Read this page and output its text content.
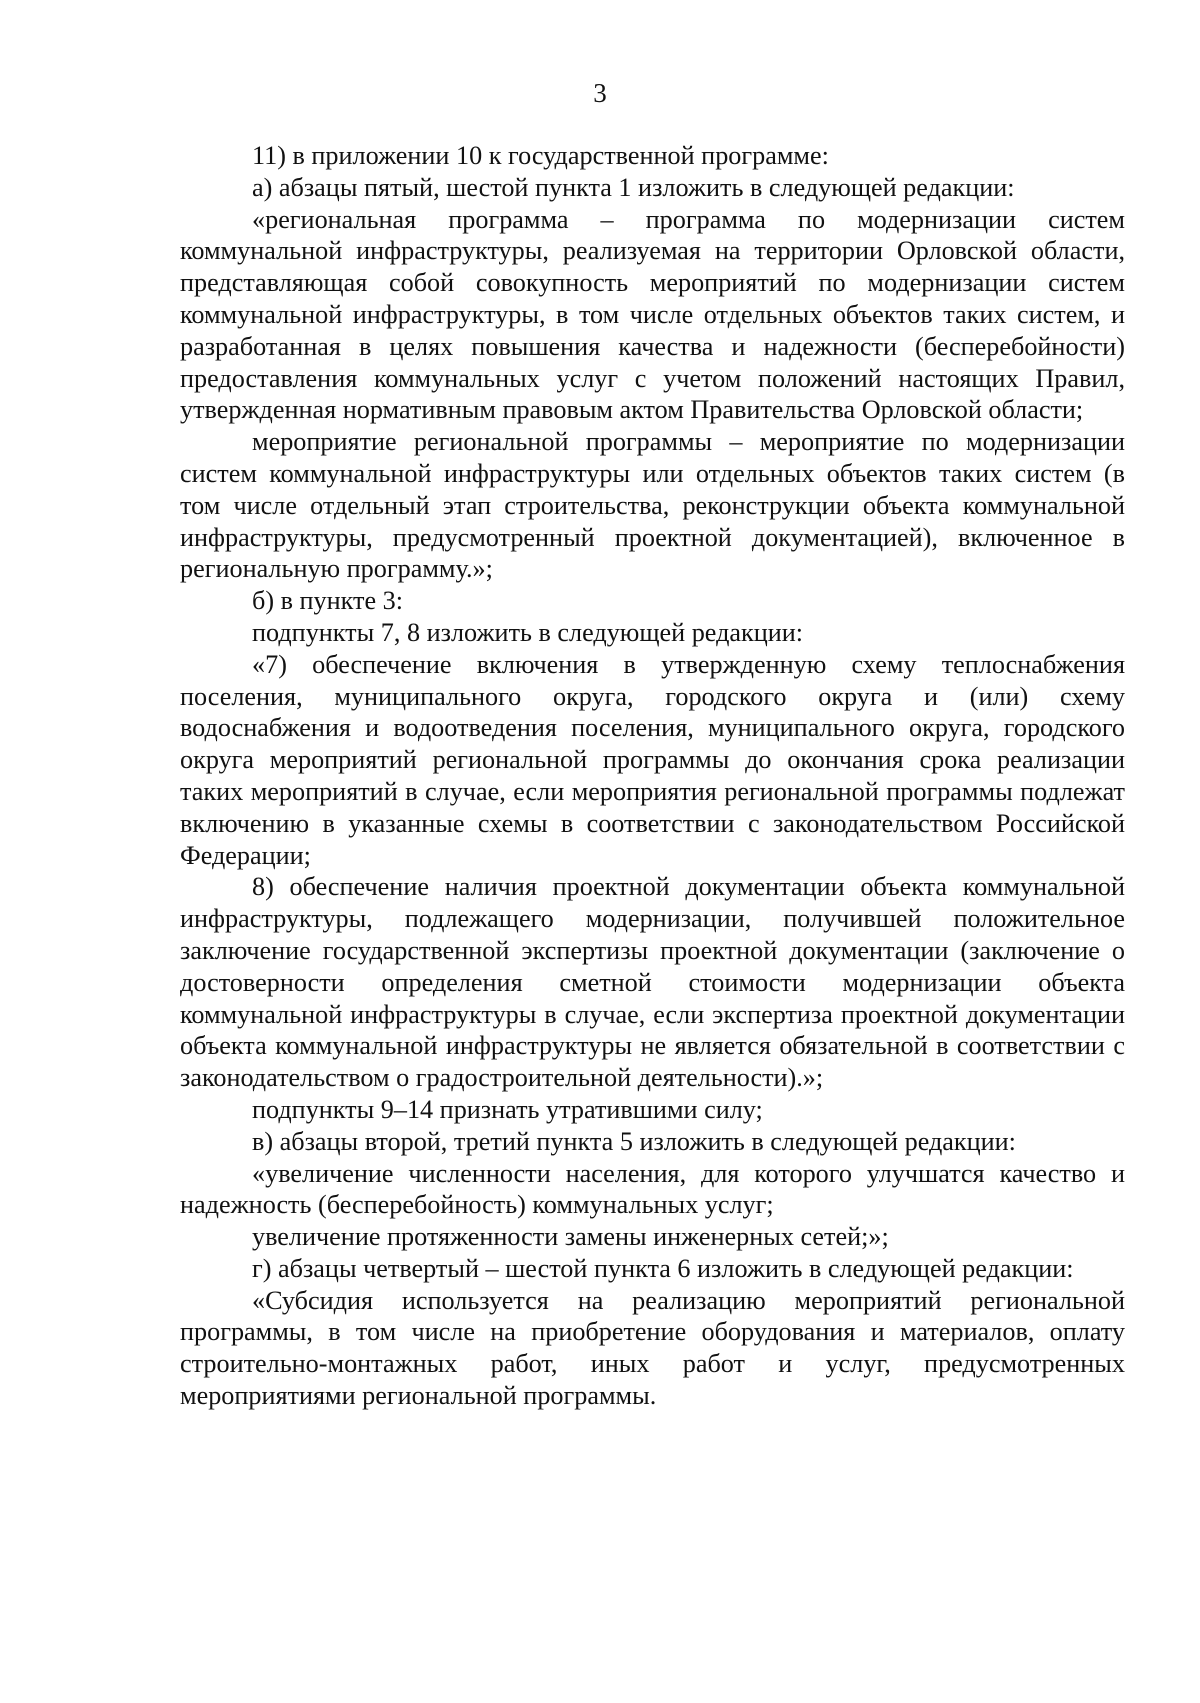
3

11) в приложении 10 к государственной программе:

а) абзацы пятый, шестой пункта 1 изложить в следующей редакции:

«региональная программа – программа по модернизации систем коммунальной инфраструктуры, реализуемая на территории Орловской области, представляющая собой совокупность мероприятий по модернизации систем коммунальной инфраструктуры, в том числе отдельных объектов таких систем, и разработанная в целях повышения качества и надежности (бесперебойности) предоставления коммунальных услуг с учетом положений настоящих Правил, утвержденная нормативным правовым актом Правительства Орловской области;

мероприятие региональной программы – мероприятие по модернизации систем коммунальной инфраструктуры или отдельных объектов таких систем (в том числе отдельный этап строительства, реконструкции объекта коммунальной инфраструктуры, предусмотренный проектной документацией), включенное в региональную программу.»;

б) в пункте 3:

подпункты 7, 8 изложить в следующей редакции:

«7) обеспечение включения в утвержденную схему теплоснабжения поселения, муниципального округа, городского округа и (или) схему водоснабжения и водоотведения поселения, муниципального округа, городского округа мероприятий региональной программы до окончания срока реализации таких мероприятий в случае, если мероприятия региональной программы подлежат включению в указанные схемы в соответствии с законодательством Российской Федерации;

8) обеспечение наличия проектной документации объекта коммунальной инфраструктуры, подлежащего модернизации, получившей положительное заключение государственной экспертизы проектной документации (заключение о достоверности определения сметной стоимости модернизации объекта коммунальной инфраструктуры в случае, если экспертиза проектной документации объекта коммунальной инфраструктуры не является обязательной в соответствии с законодательством о градостроительной деятельности).»;

подпункты 9–14 признать утратившими силу;

в) абзацы второй, третий пункта 5 изложить в следующей редакции:

«увеличение численности населения, для которого улучшатся качество и надежность (бесперебойность) коммунальных услуг;

увеличение протяженности замены инженерных сетей;»;

г) абзацы четвертый – шестой пункта 6 изложить в следующей редакции:

«Субсидия используется на реализацию мероприятий региональной программы, в том числе на приобретение оборудования и материалов, оплату строительно-монтажных работ, иных работ и услуг, предусмотренных мероприятиями региональной программы.
